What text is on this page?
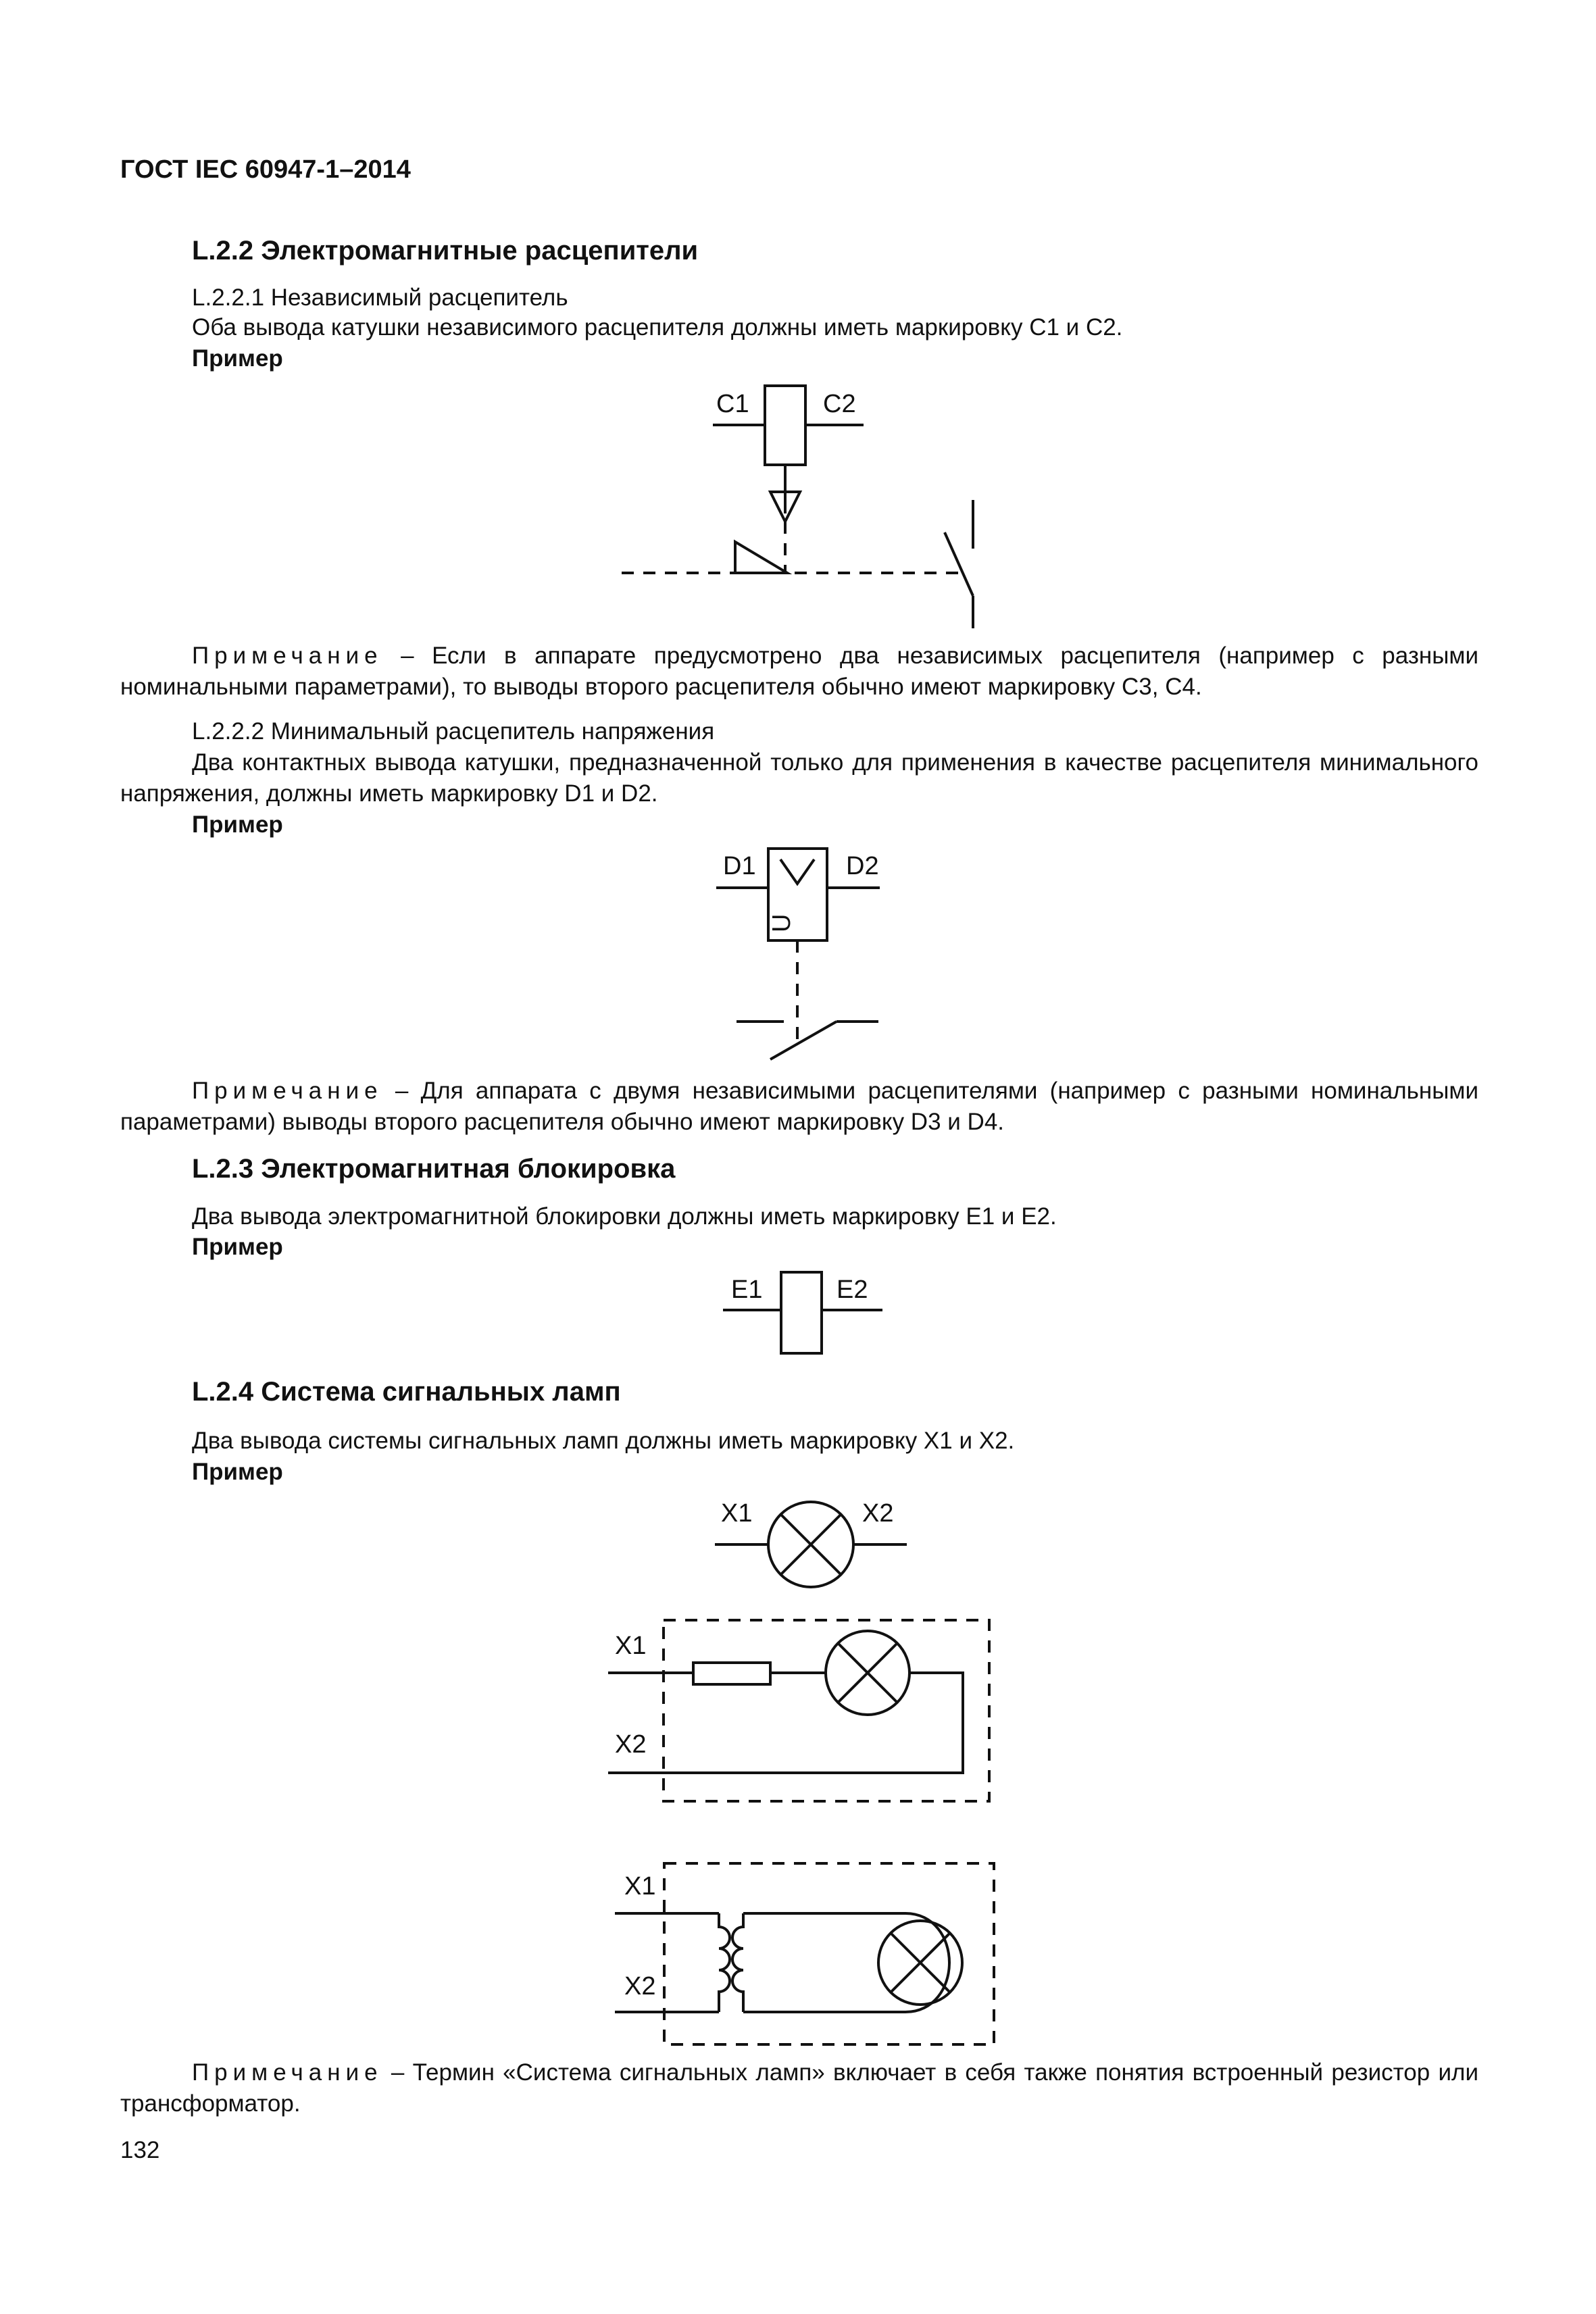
ГОСТ IEC 60947-1–2014
L.2.2 Электромагнитные расцепители
L.2.2.1 Независимый расцепитель
Оба вывода катушки независимого расцепителя должны иметь маркировку С1 и С2.
Пример
C1	C2
Примечание – Если в аппарате предусмотрено два независимых расцепителя (например с разными номинальными параметрами), то выводы второго расцепителя обычно имеют маркировку С3, С4.
L.2.2.2 Минимальный расцепитель напряжения
Два контактных вывода катушки, предназначенной только для применения в качестве расцепителя минимального напряжения, должны иметь маркировку D1 и D2.
Пример
D1	D2
U
Примечание – Для аппарата с двумя независимыми расцепителями (например с разными номинальными параметрами) выводы второго расцепителя обычно имеют маркировку D3 и D4.
L.2.3 Электромагнитная блокировка
Два вывода электромагнитной блокировки должны иметь маркировку Е1 и Е2.
Пример
E1	E2
L.2.4 Система сигнальных ламп
Два вывода системы сигнальных ламп должны иметь маркировку Х1 и Х2.
Пример
X1	X2
X1
X2
X1
X2
Примечание – Термин «Система сигнальных ламп» включает в себя также понятия встроенный резистор или трансформатор.
132
